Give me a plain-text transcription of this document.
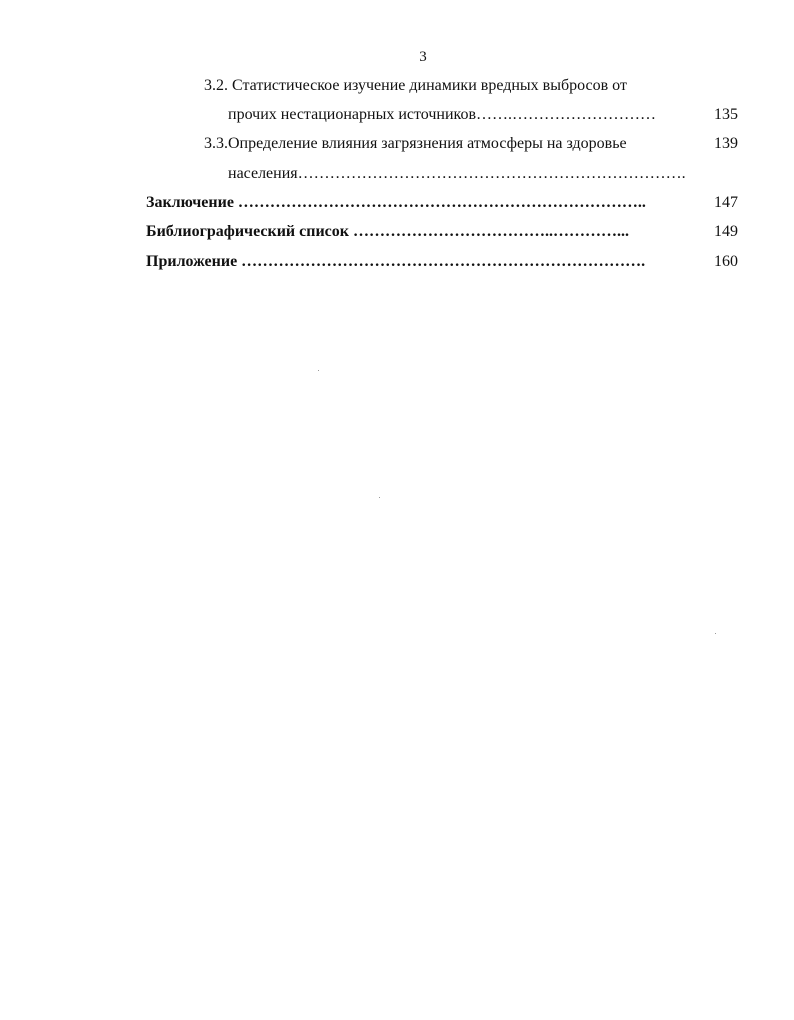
3
3.2. Статистическое изучение динамики вредных выбросов от
прочих нестационарных источников…….………………………	135
3.3.Определение влияния загрязнения атмосферы на здоровье	139
населения……………………………………………………………….
Заключение …………………………………………………………………..	147
Библиографический список ………………………………..…………...	149
Приложение ………………………………………………………………….	160
